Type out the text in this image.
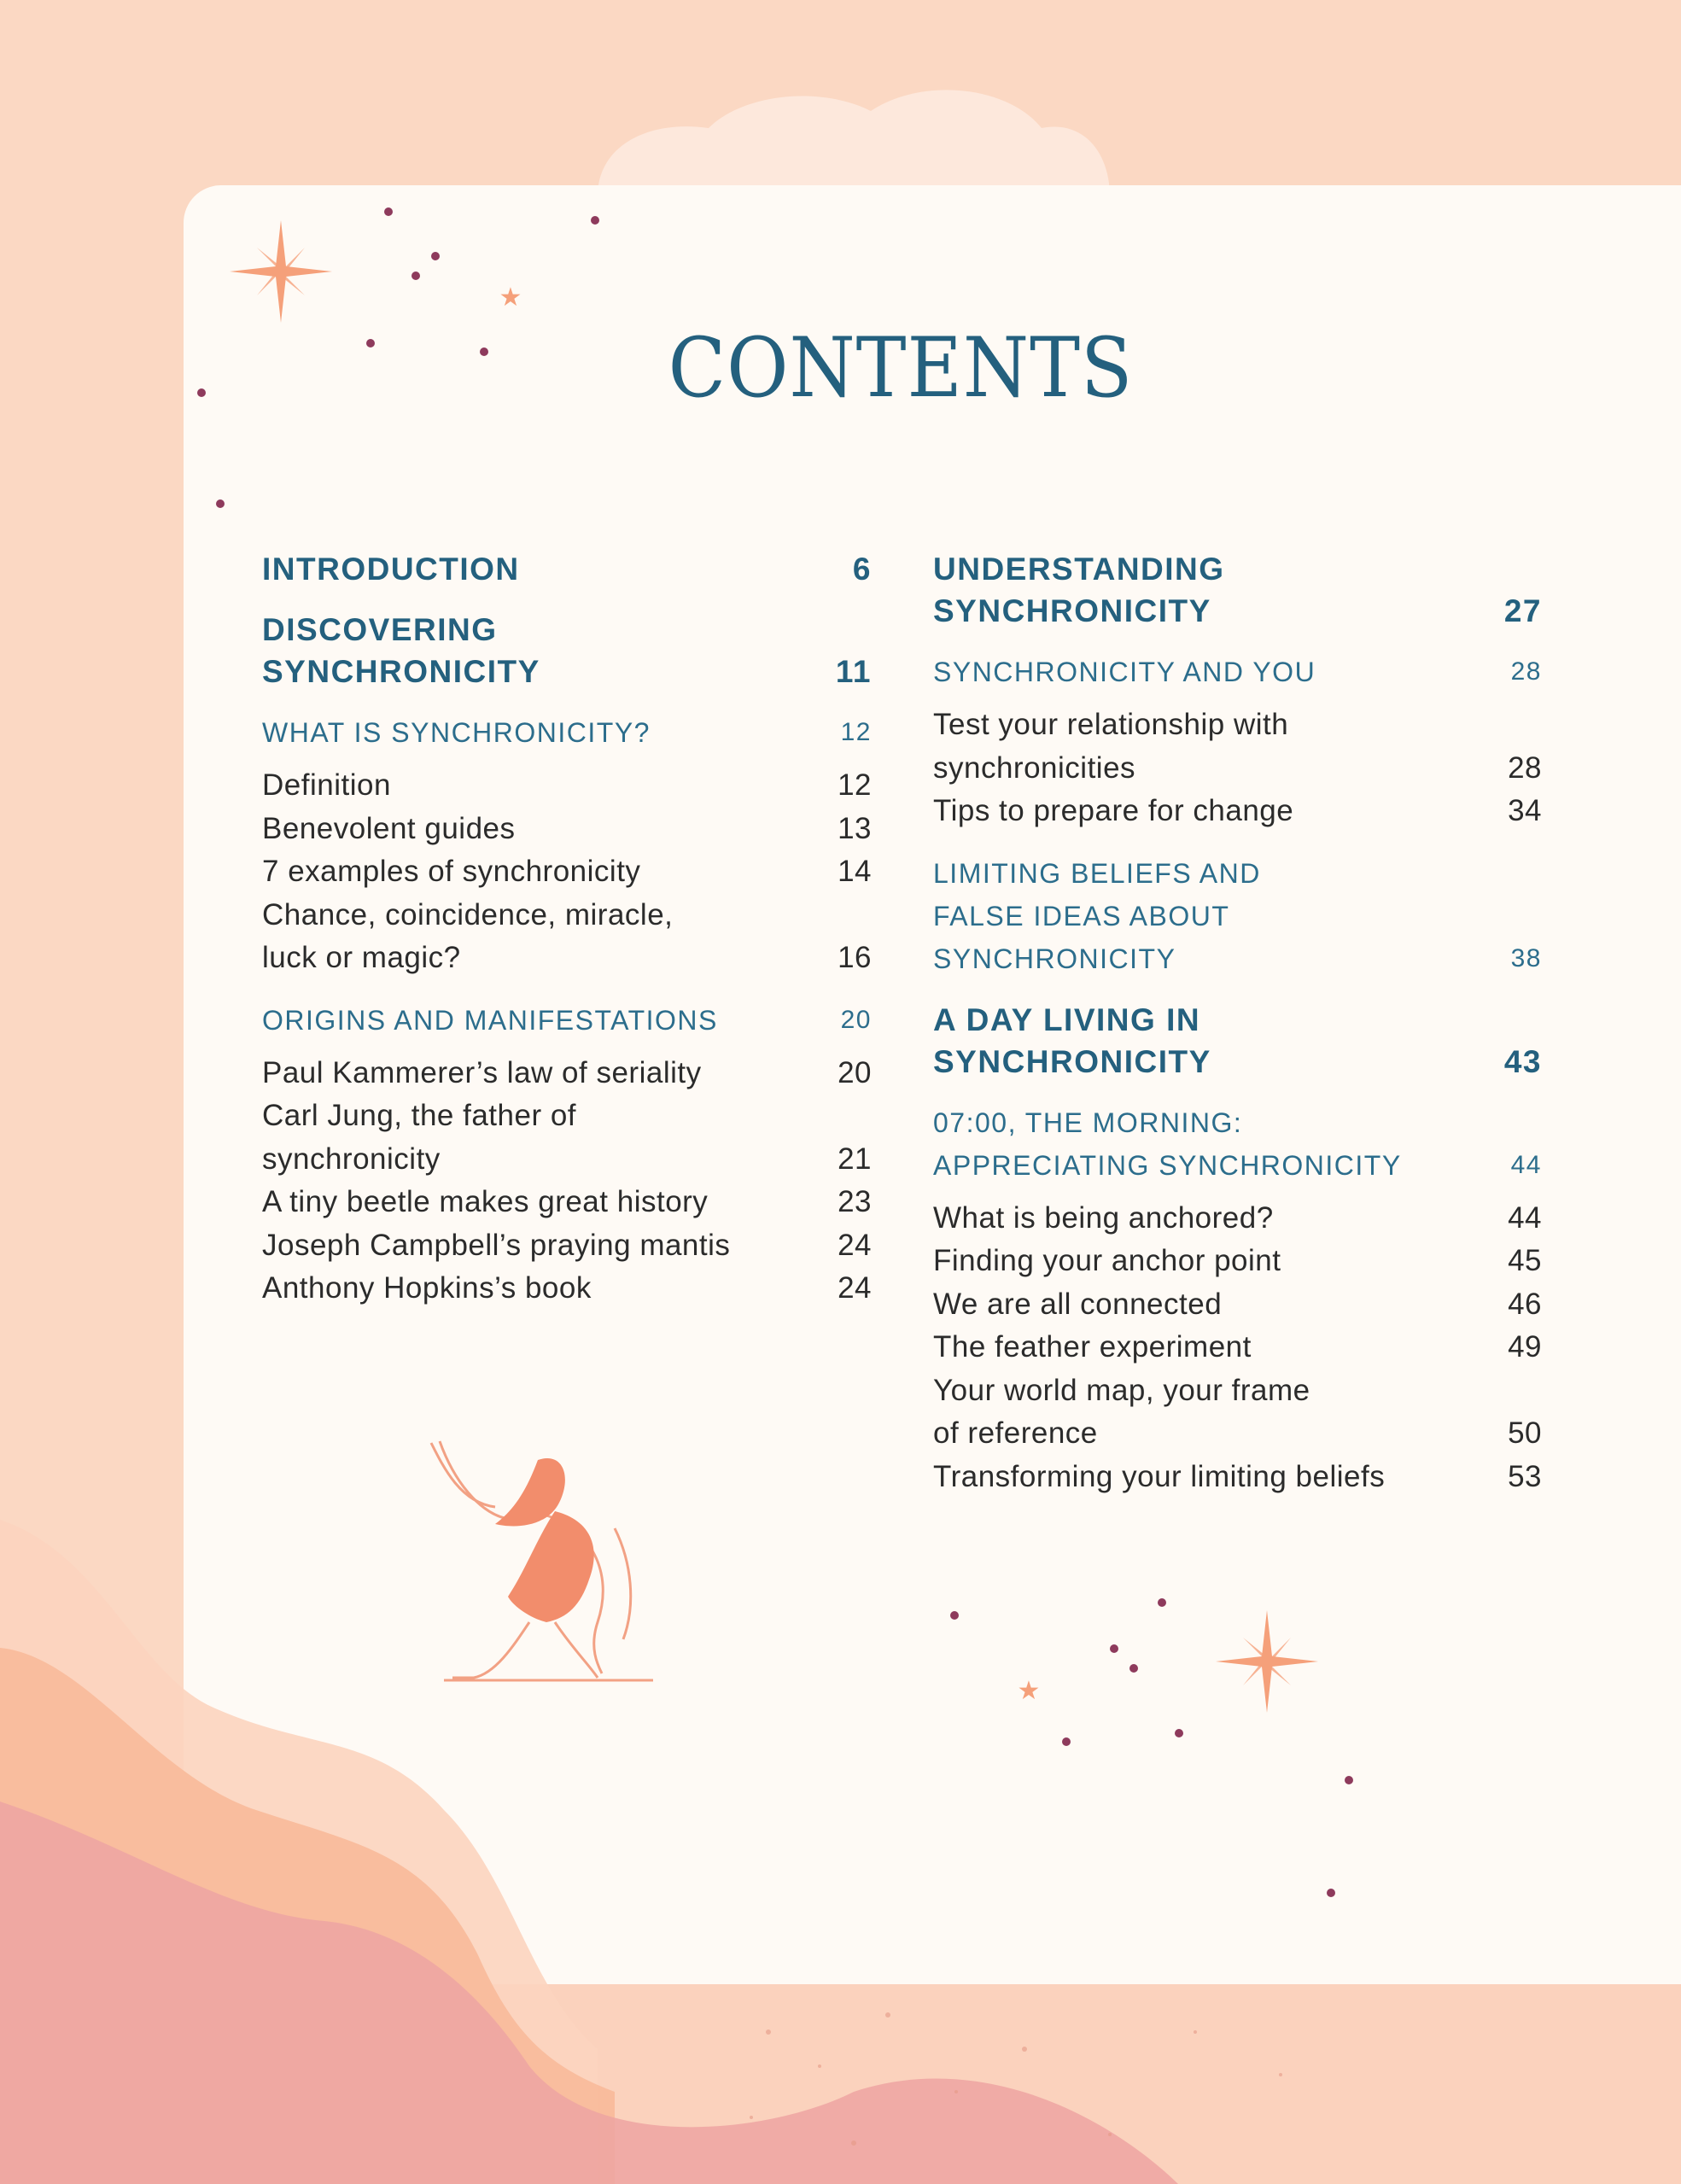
★
★
CONTENTS
INTRODUCTION	6
DISCOVERING
SYNCHRONICITY	11
WHAT IS SYNCHRONICITY?	12
Definition	12
Benevolent guides	13
7 examples of synchronicity	14
Chance, coincidence, miracle,
luck or magic?	16
ORIGINS AND MANIFESTATIONS	20
Paul Kammerer’s law of seriality	20
Carl Jung, the father of
synchronicity	21
A tiny beetle makes great history	23
Joseph Campbell’s praying mantis	24
Anthony Hopkins’s book	24
UNDERSTANDING
SYNCHRONICITY	27
SYNCHRONICITY AND YOU	28
Test your relationship with
synchronicities	28
Tips to prepare for change	34
LIMITING BELIEFS AND
FALSE IDEAS ABOUT
SYNCHRONICITY	38
A DAY LIVING IN
SYNCHRONICITY	43
07:00, THE MORNING:
APPRECIATING SYNCHRONICITY	44
What is being anchored?	44
Finding your anchor point	45
We are all connected	46
The feather experiment	49
Your world map, your frame
of reference	50
Transforming your limiting beliefs	53
